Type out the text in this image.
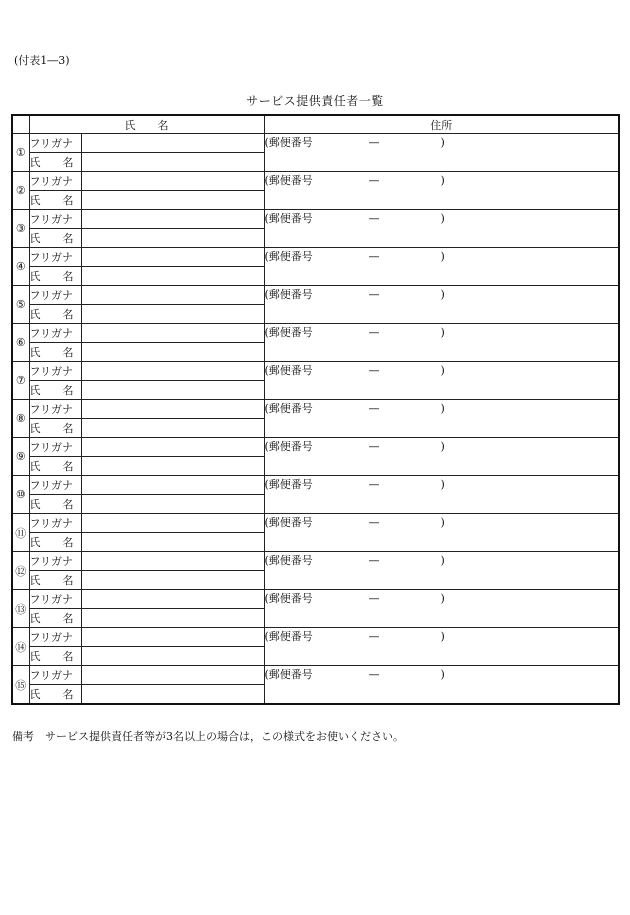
(付表1―3)
サービス提供責任者一覧
	氏　　名		住所
①	フリガナ		(郵便番号 — )

	氏　　名		
②	フリガナ		(郵便番号 — )

	氏　　名		
③	フリガナ		(郵便番号 — )

	氏　　名		
④	フリガナ		(郵便番号 — )

	氏　　名		
⑤	フリガナ		(郵便番号 — )

	氏　　名		
⑥	フリガナ		(郵便番号 — )

	氏　　名		
⑦	フリガナ		(郵便番号 — )

	氏　　名		
⑧	フリガナ		(郵便番号 — )

	氏　　名		
⑨	フリガナ		(郵便番号 — )

	氏　　名		
⑩	フリガナ		(郵便番号 — )

	氏　　名		
⑪	フリガナ		(郵便番号 — )

	氏　　名		
⑫	フリガナ		(郵便番号 — )

	氏　　名		
⑬	フリガナ		(郵便番号 — )

	氏　　名		
⑭	フリガナ		(郵便番号 — )

	氏　　名		
⑮	フリガナ		(郵便番号 — )

	氏　　名		
備考　サービス提供責任者等が3名以上の場合は，この様式をお使いください。
